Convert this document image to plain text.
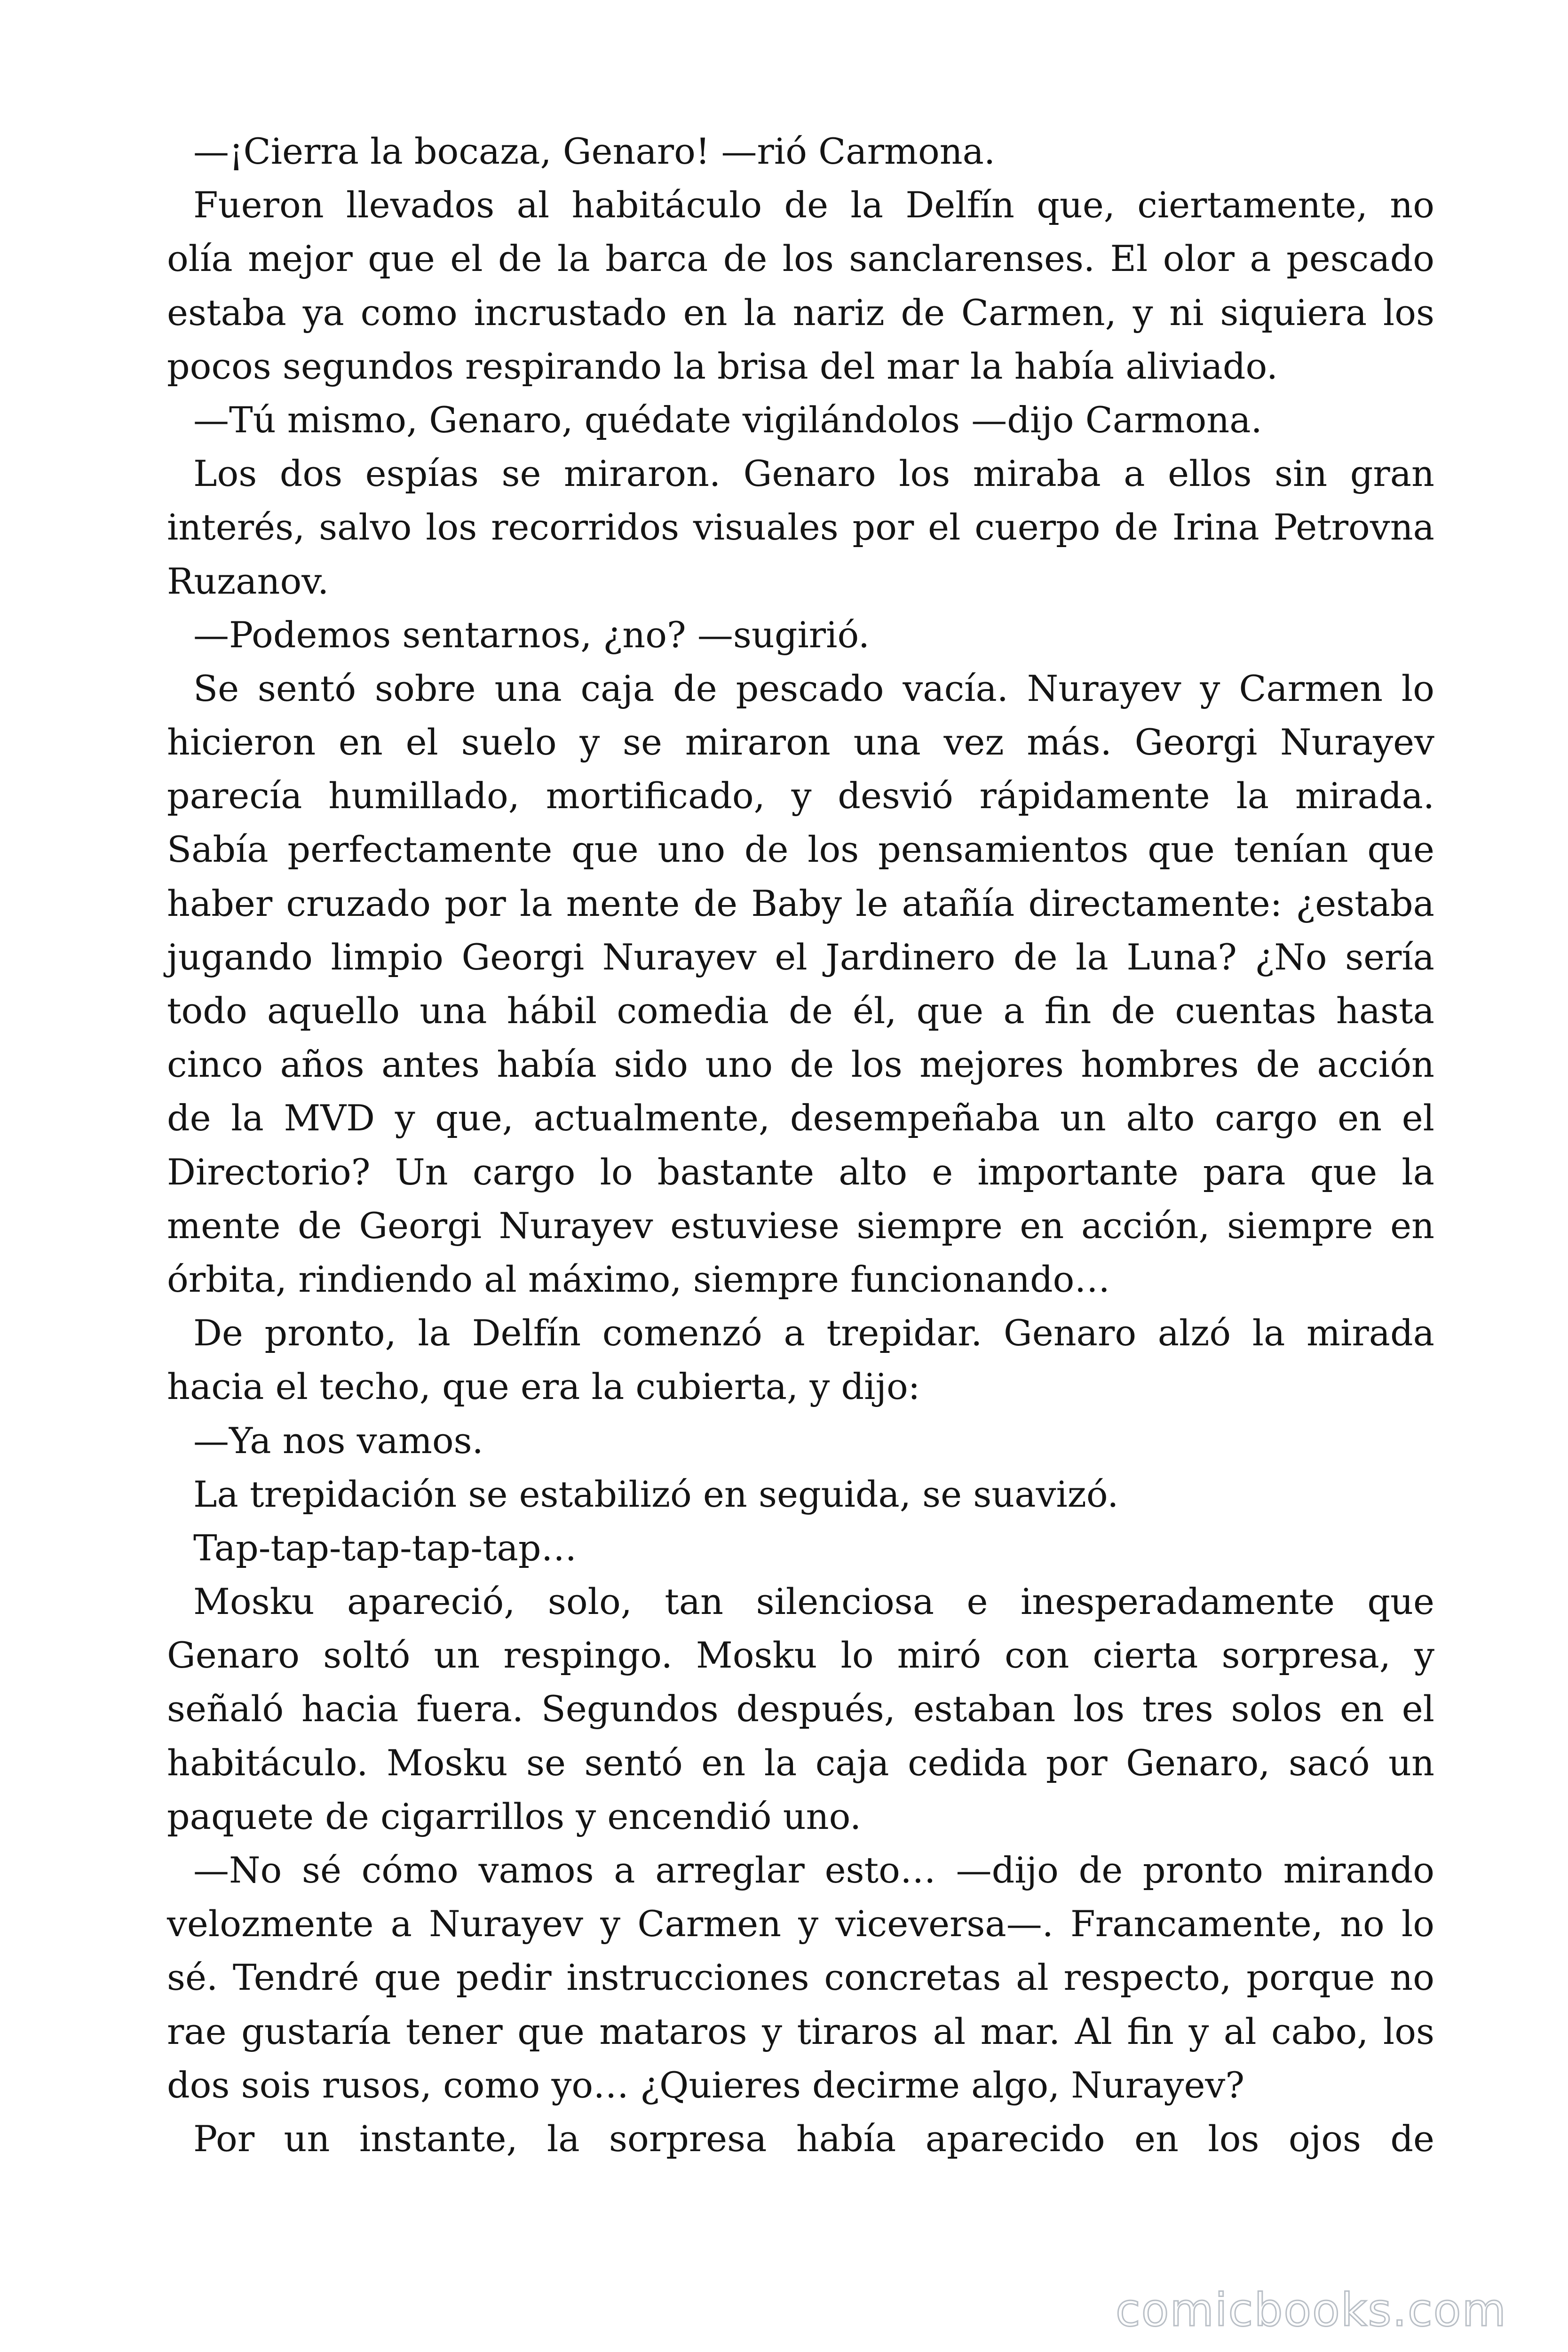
—¡Cierra la bocaza, Genaro! —rió Carmona.

Fueron llevados al habitáculo de la Delfín que, ciertamente, no
olía mejor que el de la barca de los sanclarenses. El olor a pescado
estaba ya como incrustado en la nariz de Carmen, y ni siquiera los
pocos segundos respirando la brisa del mar la había aliviado.

—Tú mismo, Genaro, quédate vigilándolos —dijo Carmona.

Los dos espías se miraron. Genaro los miraba a ellos sin gran
interés, salvo los recorridos visuales por el cuerpo de Irina Petrovna
Ruzanov.

—Podemos sentarnos, ¿no? —sugirió.

Se sentó sobre una caja de pescado vacía. Nurayev y Carmen lo
hicieron en el suelo y se miraron una vez más. Georgi Nurayev
parecía humillado, mortificado, y desvió rápidamente la mirada.
Sabía perfectamente que uno de los pensamientos que tenían que
haber cruzado por la mente de Baby le atañía directamente: ¿estaba
jugando limpio Georgi Nurayev el Jardinero de la Luna? ¿No sería
todo aquello una hábil comedia de él, que a fin de cuentas hasta
cinco años antes había sido uno de los mejores hombres de acción
de la MVD y que, actualmente, desempeñaba un alto cargo en el
Directorio? Un cargo lo bastante alto e importante para que la
mente de Georgi Nurayev estuviese siempre en acción, siempre en
órbita, rindiendo al máximo, siempre funcionando…

De pronto, la Delfín comenzó a trepidar. Genaro alzó la mirada
hacia el techo, que era la cubierta, y dijo:

—Ya nos vamos.

La trepidación se estabilizó en seguida, se suavizó.

Tap-tap-tap-tap-tap…

Mosku apareció, solo, tan silenciosa e inesperadamente que
Genaro soltó un respingo. Mosku lo miró con cierta sorpresa, y
señaló hacia fuera. Segundos después, estaban los tres solos en el
habitáculo. Mosku se sentó en la caja cedida por Genaro, sacó un
paquete de cigarrillos y encendió uno.

—No sé cómo vamos a arreglar esto… —dijo de pronto mirando
velozmente a Nurayev y Carmen y viceversa—. Francamente, no lo
sé. Tendré que pedir instrucciones concretas al respecto, porque no
rae gustaría tener que mataros y tiraros al mar. Al fin y al cabo, los
dos sois rusos, como yo… ¿Quieres decirme algo, Nurayev?

Por un instante, la sorpresa había aparecido en los ojos de

comicbooks.com
